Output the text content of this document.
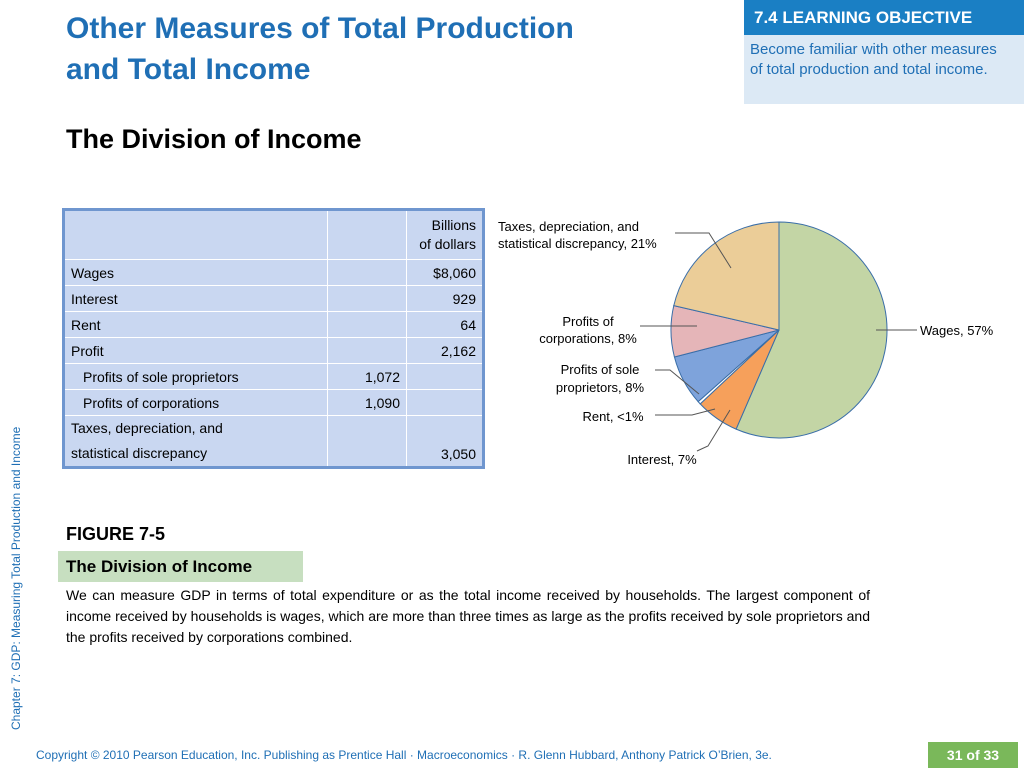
Other Measures of Total Production and Total Income
7.4 LEARNING OBJECTIVE
Become familiar with other measures of total production and total income.
The Division of Income
Chapter 7: GDP: Measuring Total Production and Income
		Billions
of dollars
Wages		$8,060
Interest		929
Rent		64
Profit		2,162
Profits of sole proprietors	1,072	
Profits of corporations	1,090	
Taxes, depreciation, and
statistical discrepancy		3,050
Taxes, depreciation, and
statistical discrepancy, 21%
Profits of
corporations, 8%
Profits of sole
proprietors, 8%
Rent, <1%
Interest, 7%
Wages, 57%
FIGURE 7-5
The Division of Income
We can measure GDP in terms of total expenditure or as the total income received by households. The largest component of income received by households is wages, which are more than three times as large as the profits received by sole proprietors and the profits received by corporations combined.
Copyright © 2010 Pearson Education, Inc. Publishing as Prentice Hall · Macroeconomics · R. Glenn Hubbard, Anthony Patrick O’Brien, 3e.	31 of 33
